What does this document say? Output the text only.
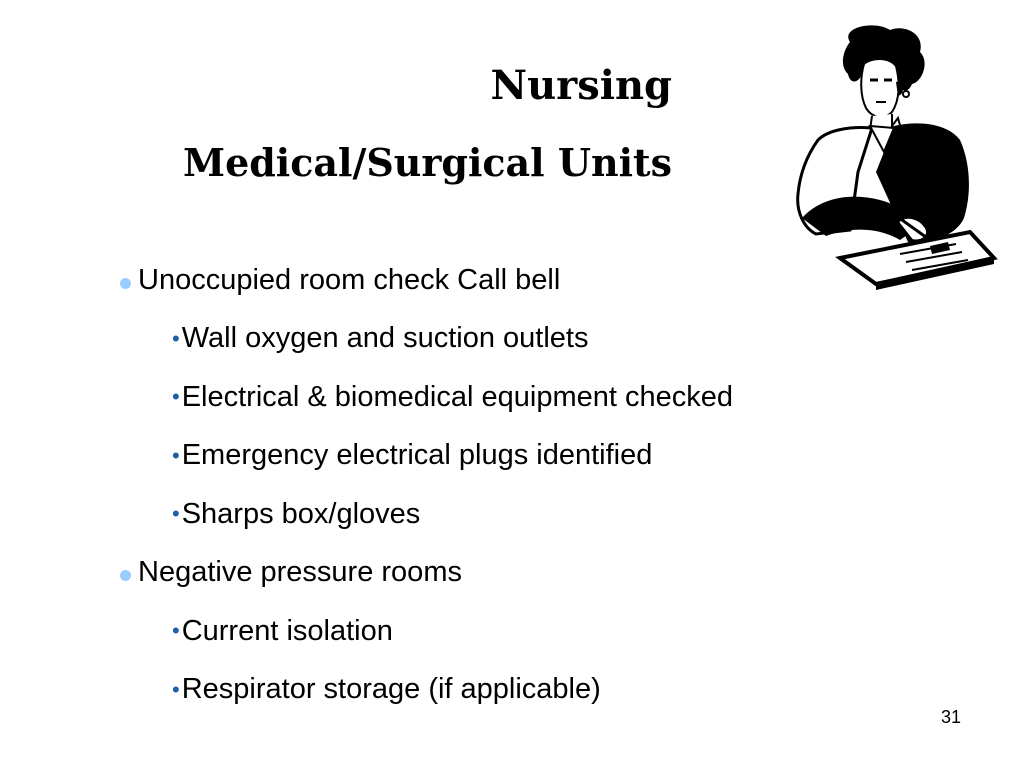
Nursing
Medical/Surgical Units
Unoccupied room check Call bell
• Wall oxygen and suction outlets
• Electrical & biomedical equipment checked
• Emergency electrical plugs identified
• Sharps box/gloves
Negative pressure rooms
• Current isolation
• Respirator storage (if applicable)
31
